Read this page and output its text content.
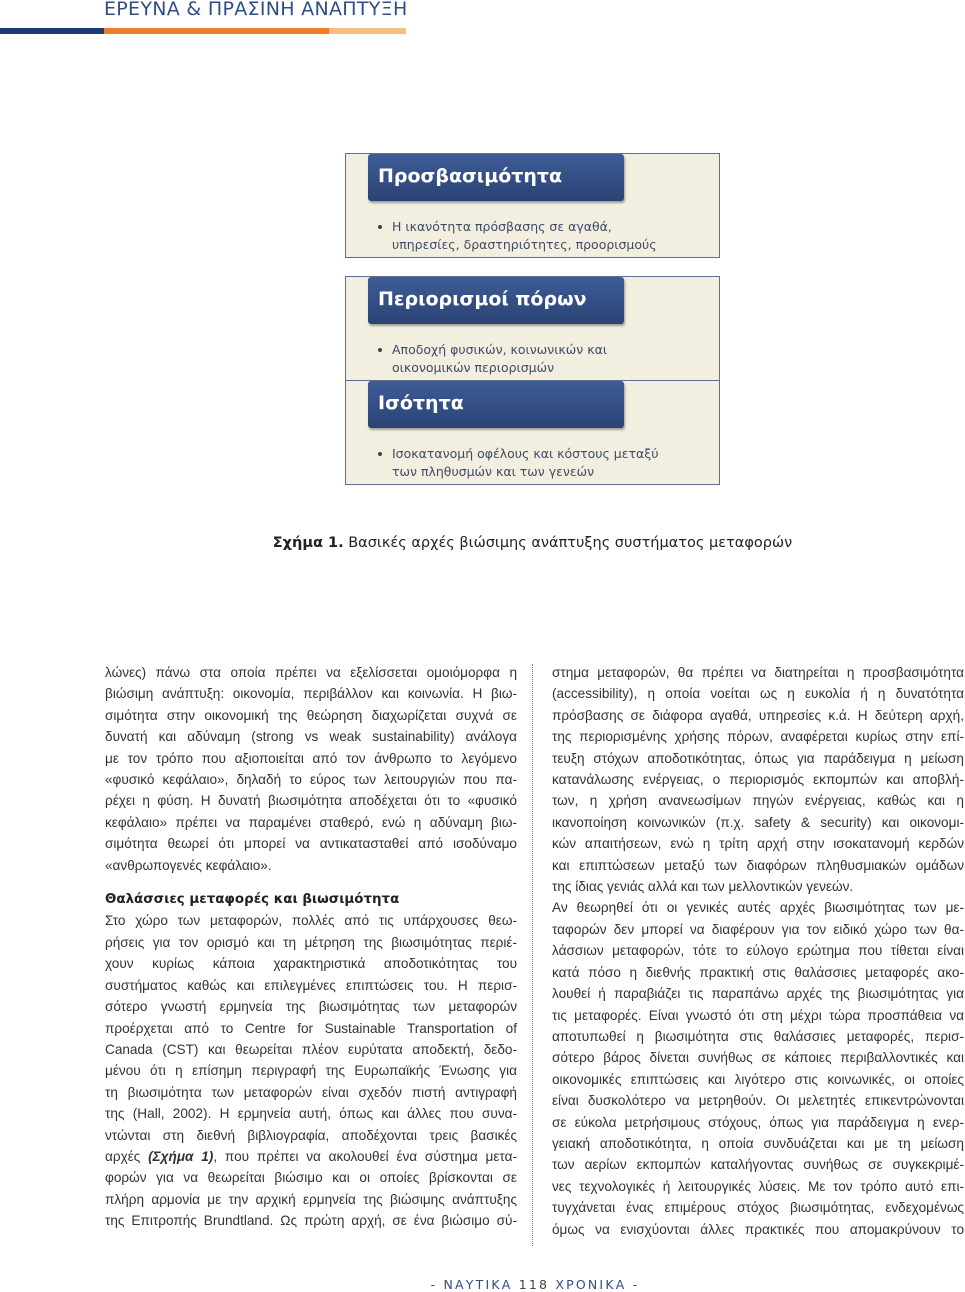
ΕΡΕΥΝΑ & ΠΡΑΣΙΝΗ ΑΝΑΠΤΥΞΗ
Προσβασιμότητα
Η ικανότητα πρόσβασης σε αγαθά,
υπηρεσίες, δραστηριότητες, προορισμούς
Περιορισμοί πόρων
Αποδοχή φυσικών, κοινωνικών και
οικονομικών περιορισμών
Ισότητα
Ισοκατανομή οφέλους και κόστους μεταξύ
των πληθυσμών και των γενεών
Σχήμα 1. Βασικές αρχές βιώσιμης ανάπτυξης συστήματος μεταφορών
λώνες) πάνω στα οποία πρέπει να εξελίσσεται ομοιόμορφα η
βιώσιμη ανάπτυξη: οικονομία, περιβάλλον και κοινωνία. Η βιω-
σιμότητα στην οικονομική της θεώρηση διαχωρίζεται συχνά σε
δυνατή και αδύναμη (strong vs weak sustainability) ανάλογα
με τον τρόπο που αξιοποιείται από τον άνθρωπο το λεγόμενο
«φυσικό κεφάλαιο», δηλαδή το εύρος των λειτουργιών που πα-
ρέχει η φύση. Η δυνατή βιωσιμότητα αποδέχεται ότι το «φυσικό
κεφάλαιο» πρέπει να παραμένει σταθερό, ενώ η αδύναμη βιω-
σιμότητα θεωρεί ότι μπορεί να αντικατασταθεί από ισοδύναμο
«ανθρωπογενές κεφάλαιο».
Θαλάσσιες μεταφορές και βιωσιμότητα
Στο χώρο των μεταφορών, πολλές από τις υπάρχουσες θεω-
ρήσεις για τον ορισμό και τη μέτρηση της βιωσιμότητας περιέ-
χουν κυρίως κάποια χαρακτηριστικά αποδοτικότητας του
συστήματος καθώς και επιλεγμένες επιπτώσεις του. Η περισ-
σότερο γνωστή ερμηνεία της βιωσιμότητας των μεταφορών
προέρχεται από το Centre for Sustainable Transportation of
Canada (CST) και θεωρείται πλέον ευρύτατα αποδεκτή, δεδο-
μένου ότι η επίσημη περιγραφή της Ευρωπαϊκής Ένωσης για
τη βιωσιμότητα των μεταφορών είναι σχεδόν πιστή αντιγραφή
της (Hall, 2002). Η ερμηνεία αυτή, όπως και άλλες που συνα-
ντώνται στη διεθνή βιβλιογραφία, αποδέχονται τρεις βασικές
αρχές (Σχήμα 1), που πρέπει να ακολουθεί ένα σύστημα μετα-
φορών για να θεωρείται βιώσιμο και οι οποίες βρίσκονται σε
πλήρη αρμονία με την αρχική ερμηνεία της βιώσιμης ανάπτυξης
της Επιτροπής Brundtland. Ως πρώτη αρχή, σε ένα βιώσιμο σύ-
στημα μεταφορών, θα πρέπει να διατηρείται η προσβασιμότητα
(accessibility), η οποία νοείται ως η ευκολία ή η δυνατότητα
πρόσβασης σε διάφορα αγαθά, υπηρεσίες κ.ά. Η δεύτερη αρχή,
της περιορισμένης χρήσης πόρων, αναφέρεται κυρίως στην επί-
τευξη στόχων αποδοτικότητας, όπως για παράδειγμα η μείωση
κατανάλωσης ενέργειας, ο περιορισμός εκπομπών και αποβλή-
των, η χρήση ανανεωσίμων πηγών ενέργειας, καθώς και η
ικανοποίηση κοινωνικών (π.χ. safety & security) και οικονομι-
κών απαιτήσεων, ενώ η τρίτη αρχή στην ισοκατανομή κερδών
και επιπτώσεων μεταξύ των διαφόρων πληθυσμιακών ομάδων
της ίδιας γενιάς αλλά και των μελλοντικών γενεών.
Αν θεωρηθεί ότι οι γενικές αυτές αρχές βιωσιμότητας των με-
ταφορών δεν μπορεί να διαφέρουν για τον ειδικό χώρο των θα-
λάσσιων μεταφορών, τότε το εύλογο ερώτημα που τίθεται είναι
κατά πόσο η διεθνής πρακτική στις θαλάσσιες μεταφορές ακο-
λουθεί ή παραβιάζει τις παραπάνω αρχές της βιωσιμότητας για
τις μεταφορές. Είναι γνωστό ότι στη μέχρι τώρα προσπάθεια να
αποτυπωθεί η βιωσιμότητα στις θαλάσσιες μεταφορές, περισ-
σότερο βάρος δίνεται συνήθως σε κάποιες περιβαλλοντικές και
οικονομικές επιπτώσεις και λιγότερο στις κοινωνικές, οι οποίες
είναι δυσκολότερο να μετρηθούν. Οι μελετητές επικεντρώνονται
σε εύκολα μετρήσιμους στόχους, όπως για παράδειγμα η ενερ-
γειακή αποδοτικότητα, η οποία συνδυάζεται και με τη μείωση
των αερίων εκπομπών καταλήγοντας συνήθως σε συγκεκριμέ-
νες τεχνολογικές ή λειτουργικές λύσεις. Με τον τρόπο αυτό επι-
τυγχάνεται ένας επιμέρους στόχος βιωσιμότητας, ενδεχομένως
όμως να ενισχύονται άλλες πρακτικές που απομακρύνουν το
- ΝΑΥΤΙΚΑ 118 ΧΡΟΝΙΚΑ -
